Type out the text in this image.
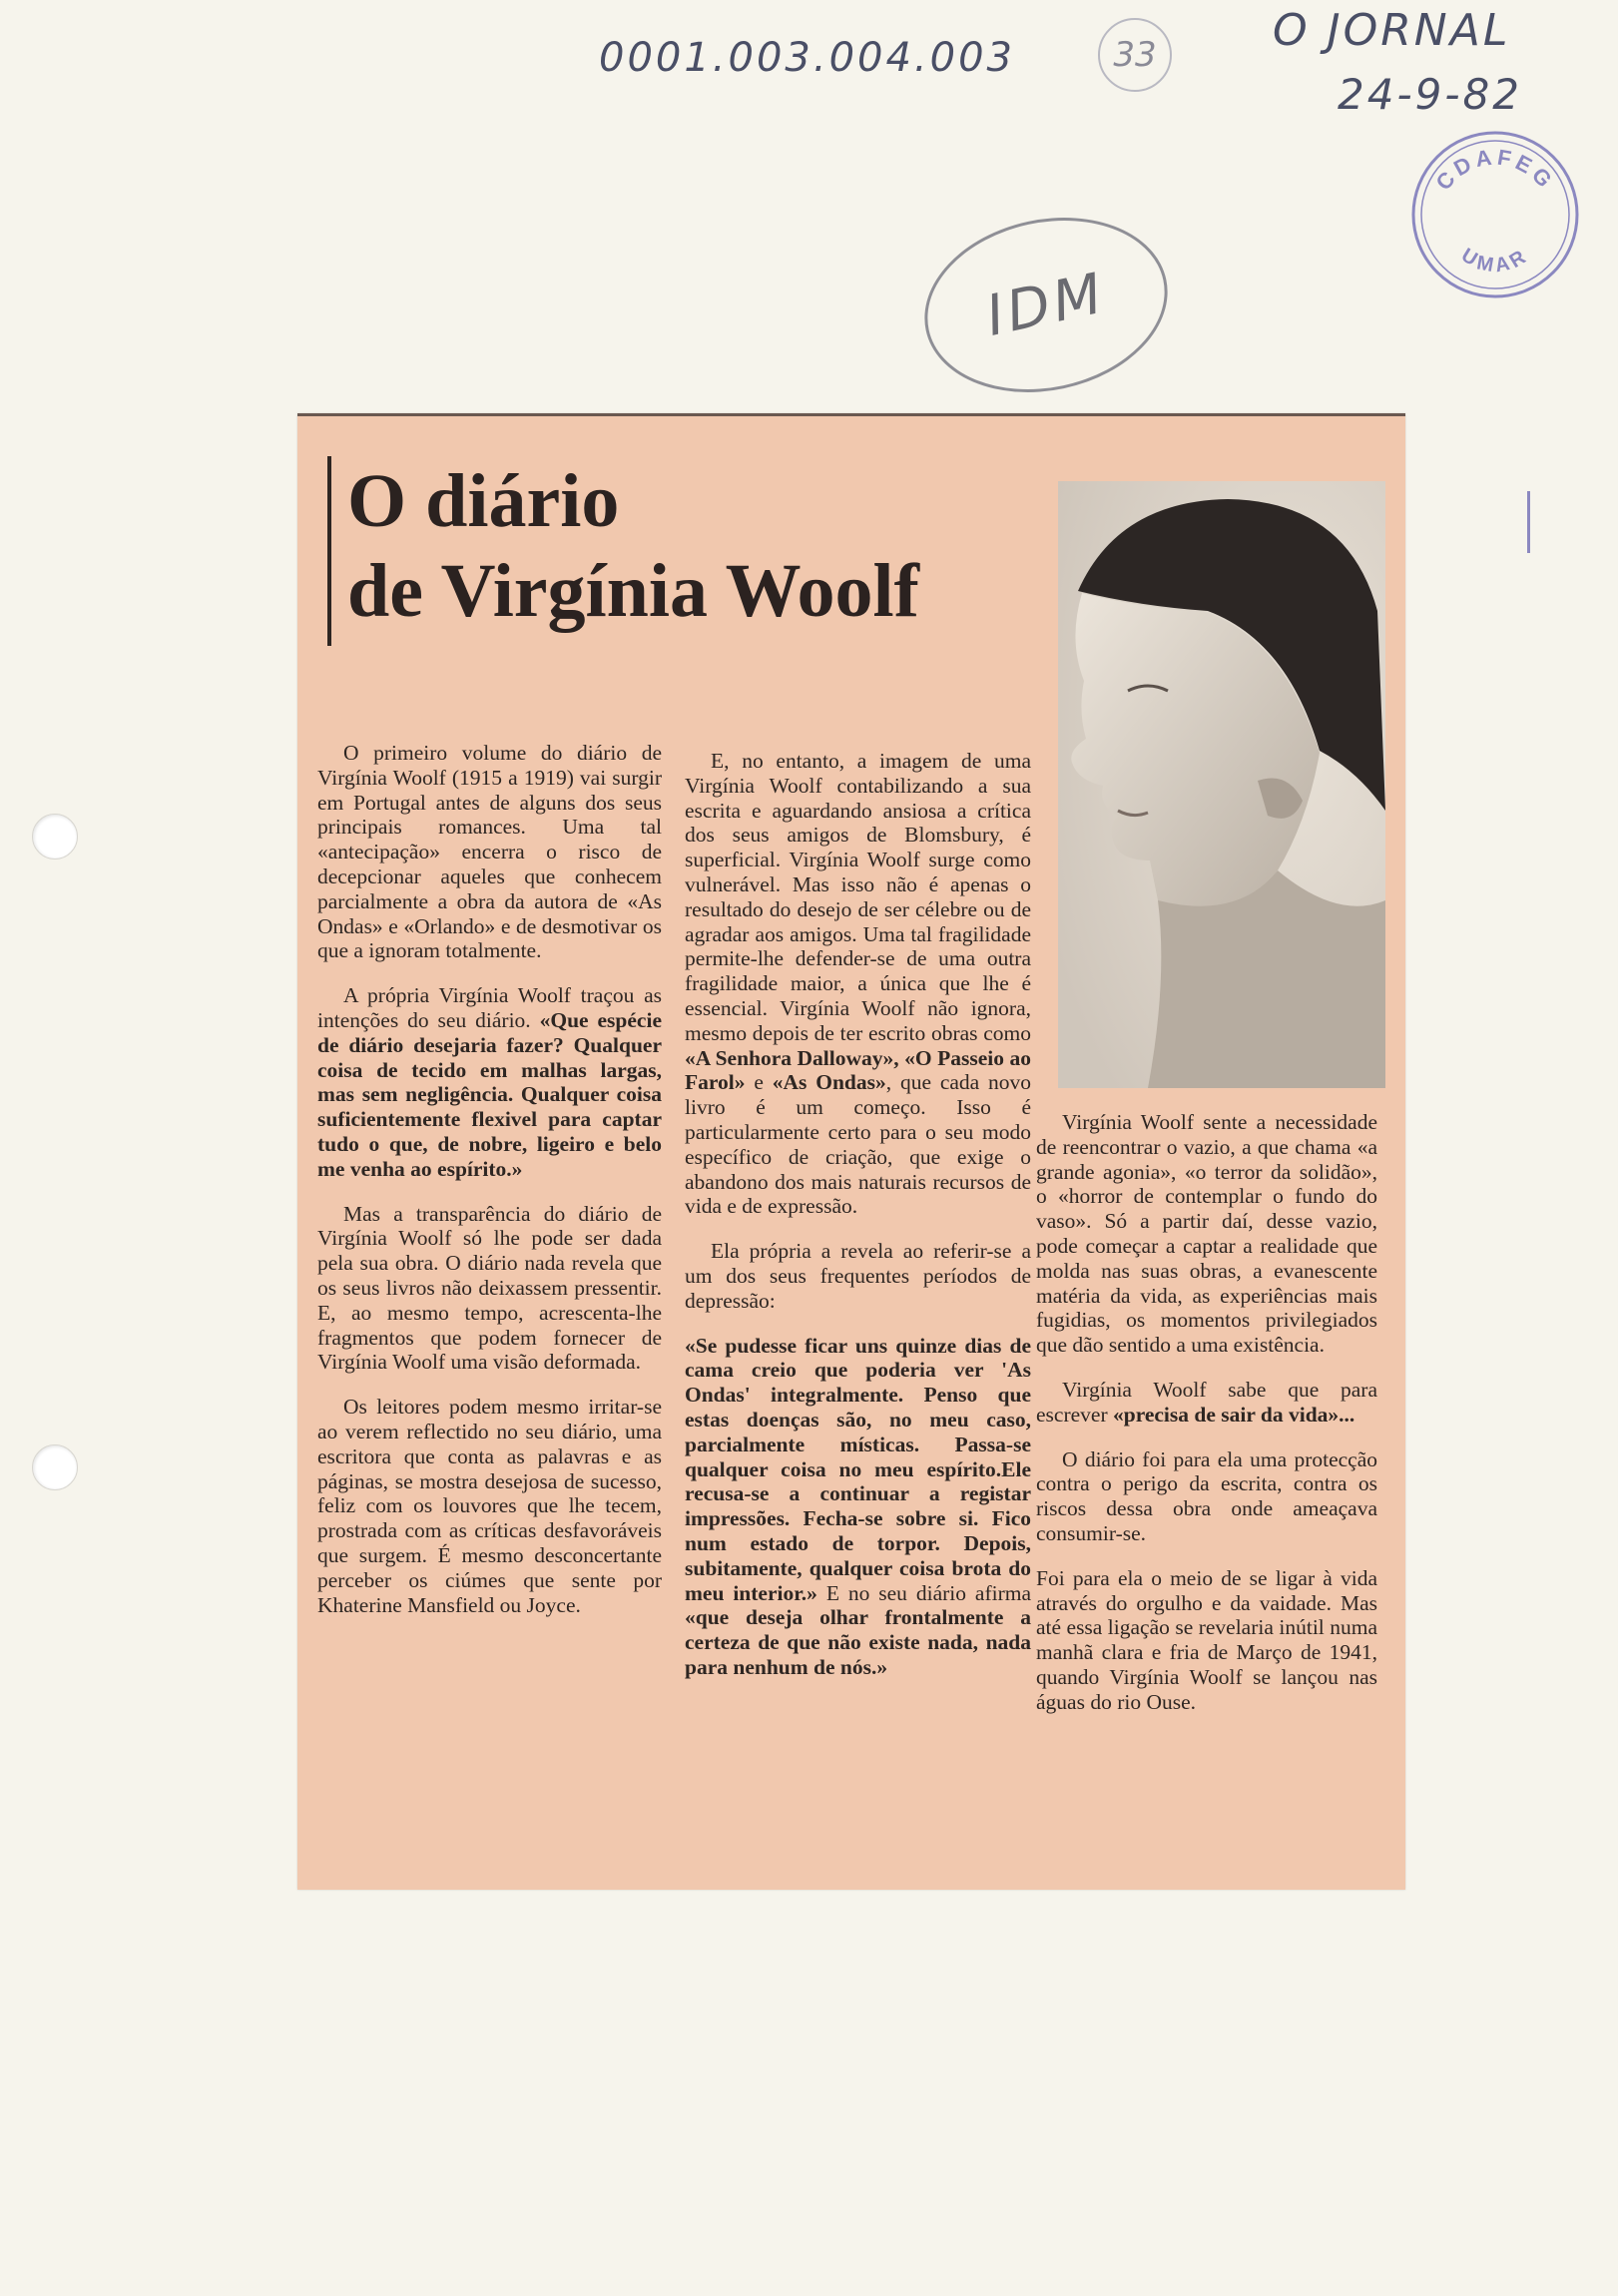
0001.003.004.003	33	O JORNAL
24-9-82
IDM
CDAFEG
UMAR
O diário
de Virgínia Woolf

O primeiro volume do diário de Virgínia Woolf (1915 a 1919) vai surgir em Portugal antes de alguns dos seus principais romances. Uma tal «antecipação» encerra o risco de decepcionar aqueles que conhecem parcialmente a obra da autora de «As Ondas» e «Orlando» e de desmotivar os que a ignoram totalmente.

A própria Virgínia Woolf traçou as intenções do seu diário. «Que espécie de diário desejaria fazer? Qualquer coisa de tecido em malhas largas, mas sem negligência. Qualquer coisa suficientemente flexivel para captar tudo o que, de nobre, ligeiro e belo me venha ao espírito.»

Mas a transparência do diário de Virgínia Woolf só lhe pode ser dada pela sua obra. O diário nada revela que os seus livros não deixassem pressentir. E, ao mesmo tempo, acrescenta-lhe fragmentos que podem fornecer de Virgínia Woolf uma visão deformada.

Os leitores podem mesmo irritar-se ao verem reflectido no seu diário, uma escritora que conta as palavras e as páginas, se mostra desejosa de sucesso, feliz com os louvores que lhe tecem, prostrada com as críticas desfavoráveis que surgem. É mesmo desconcertante perceber os ciúmes que sente por Khaterine Mansfield ou Joyce.

E, no entanto, a imagem de uma Virgínia Woolf contabilizando a sua escrita e aguardando ansiosa a crítica dos seus amigos de Blomsbury, é superficial. Virgínia Woolf surge como vulnerável. Mas isso não é apenas o resultado do desejo de ser célebre ou de agradar aos amigos. Uma tal fragilidade permite-lhe defender-se de uma outra fragilidade maior, a única que lhe é essencial. Virgínia Woolf não ignora, mesmo depois de ter escrito obras como «A Senhora Dalloway», «O Passeio ao Farol» e «As Ondas», que cada novo livro é um começo. Isso é particularmente certo para o seu modo específico de criação, que exige o abandono dos mais naturais recursos de vida e de expressão.

Ela própria a revela ao referir-se a um dos seus frequentes períodos de depressão:

«Se pudesse ficar uns quinze dias de cama creio que poderia ver 'As Ondas' integralmente. Penso que estas doenças são, no meu caso, parcialmente místicas. Passa-se qualquer coisa no meu espírito.Ele recusa-se a continuar a registar impressões. Fecha-se sobre si. Fico num estado de torpor. Depois, subitamente, qualquer coisa brota do meu interior.» E no seu diário afirma «que deseja olhar frontalmente a certeza de que não existe nada, nada para nenhum de nós.»

Virgínia Woolf sente a necessidade de reencontrar o vazio, a que chama «a grande agonia», «o terror da solidão», o «horror de contemplar o fundo do vaso». Só a partir daí, desse vazio, pode começar a captar a realidade que molda nas suas obras, a evanescente matéria da vida, as experiências mais fugidias, os momentos privilegiados que dão sentido a uma existência.

Virgínia Woolf sabe que para escrever «precisa de sair da vida»...

O diário foi para ela uma protecção contra o perigo da escrita, contra os riscos dessa obra onde ameaçava consumir-se.

Foi para ela o meio de se ligar à vida através do orgulho e da vaidade. Mas até essa ligação se revelaria inútil numa manhã clara e fria de Março de 1941, quando Virgínia Woolf se lançou nas águas do rio Ouse.
